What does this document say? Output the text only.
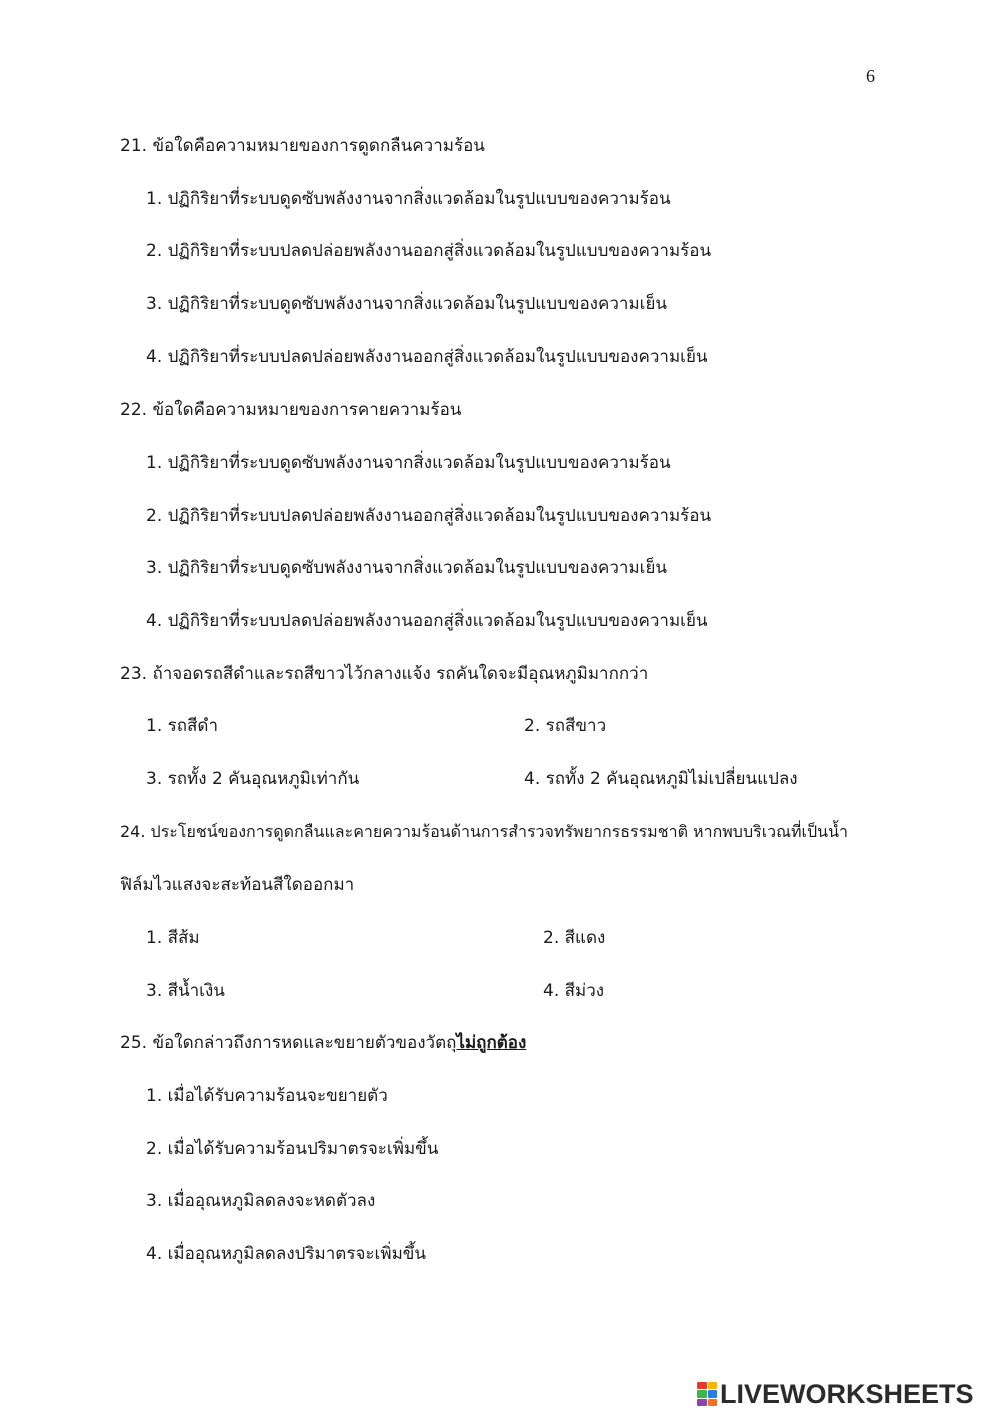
6
21. ข้อใดคือความหมายของการดูดกลืนความร้อน
1. ปฏิกิริยาที่ระบบดูดซับพลังงานจากสิ่งแวดล้อมในรูปแบบของความร้อน
2. ปฏิกิริยาที่ระบบปลดปล่อยพลังงานออกสู่สิ่งแวดล้อมในรูปแบบของความร้อน
3. ปฏิกิริยาที่ระบบดูดซับพลังงานจากสิ่งแวดล้อมในรูปแบบของความเย็น
4. ปฏิกิริยาที่ระบบปลดปล่อยพลังงานออกสู่สิ่งแวดล้อมในรูปแบบของความเย็น
22. ข้อใดคือความหมายของการคายความร้อน
1. ปฏิกิริยาที่ระบบดูดซับพลังงานจากสิ่งแวดล้อมในรูปแบบของความร้อน
2. ปฏิกิริยาที่ระบบปลดปล่อยพลังงานออกสู่สิ่งแวดล้อมในรูปแบบของความร้อน
3. ปฏิกิริยาที่ระบบดูดซับพลังงานจากสิ่งแวดล้อมในรูปแบบของความเย็น
4. ปฏิกิริยาที่ระบบปลดปล่อยพลังงานออกสู่สิ่งแวดล้อมในรูปแบบของความเย็น
23. ถ้าจอดรถสีดำและรถสีขาวไว้กลางแจ้ง รถคันใดจะมีอุณหภูมิมากกว่า
1. รถสีดำ	2. รถสีขาว
3. รถทั้ง 2 คันอุณหภูมิเท่ากัน	4. รถทั้ง 2 คันอุณหภูมิไม่เปลี่ยนแปลง
24. ประโยชน์ของการดูดกลืนและคายความร้อนด้านการสำรวจทรัพยากรธรรมชาติ หากพบบริเวณที่เป็นน้ำ
ฟิล์มไวแสงจะสะท้อนสีใดออกมา
1. สีส้ม	2. สีแดง
3. สีน้ำเงิน	4. สีม่วง
25. ข้อใดกล่าวถึงการหดและขยายตัวของวัตถุไม่ถูกต้อง
1. เมื่อได้รับความร้อนจะขยายตัว
2. เมื่อได้รับความร้อนปริมาตรจะเพิ่มขึ้น
3. เมื่ออุณหภูมิลดลงจะหดตัวลง
4. เมื่ออุณหภูมิลดลงปริมาตรจะเพิ่มขึ้น
LIVEWORKSHEETS
